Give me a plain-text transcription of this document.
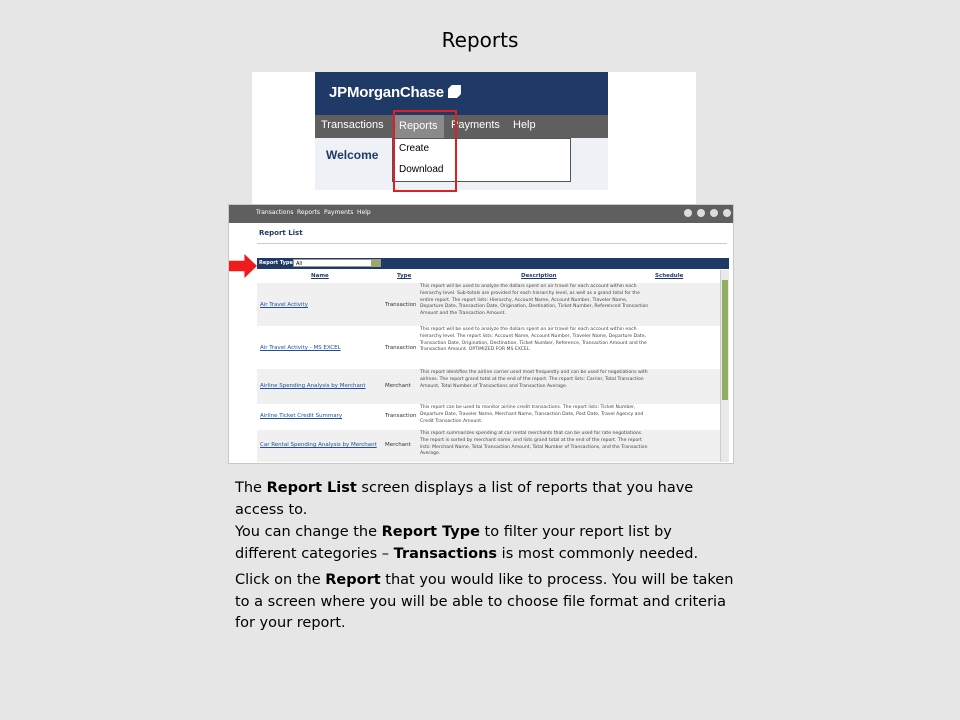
Reports
JPMorganChase
Transactions	Reports	Payments Help
Welcome Create
Download
Transactions Reports Payments Help
Report List
Report Type All
Name	Type	Description	Schedule
Air Travel Activity	Transaction
This report will be used to analyze the dollars spent on air travel for each account within each hierarchy level. Sub-totals are provided for each hierarchy level, as well as a grand total for the entire report. The report lists: Hierarchy, Account Name, Account Number, Traveler Name, Departure Date, Transaction Date, Origination, Destination, Ticket Number, Referenced Transaction Amount and the Transaction Amount.
Air Travel Activity - MS EXCEL	Transaction
This report will be used to analyze the dollars spent on air travel for each account within each hierarchy level. The report lists: Account Name, Account Number, Traveler Name, Departure Date, Transaction Date, Origination, Destination, Ticket Number, Reference, Transaction Amount and the Transaction Amount. OPTIMIZED FOR MS EXCEL.
Airline Spending Analysis by Merchant	Merchant
This report identifies the airline carrier used most frequently and can be used for negotiations with airlines. The report grand total at the end of the report. The report lists: Carrier, Total Transaction Amount, Total Number of Transactions and Transaction Average.
Airline Ticket Credit Summary	Transaction
This report can be used to monitor airline credit transactions. The report lists: Ticket Number, Departure Date, Traveler Name, Merchant Name, Transaction Date, Post Date, Travel Agency and Credit Transaction Amount.
Car Rental Spending Analysis by Merchant Merchant
This report summarizes spending at car rental merchants that can be used for rate negotiations. The report is sorted by merchant name, and lists grand total at the end of the report. The report lists: Merchant Name, Total Transaction Amount, Total Number of Transactions, and the Transaction Average.
The Report List screen displays a list of reports that you have access to.
You can change the Report Type to filter your report list by different categories – Transactions is most commonly needed.
Click on the Report that you would like to process. You will be taken to a screen where you will be able to choose file format and criteria for your report.
